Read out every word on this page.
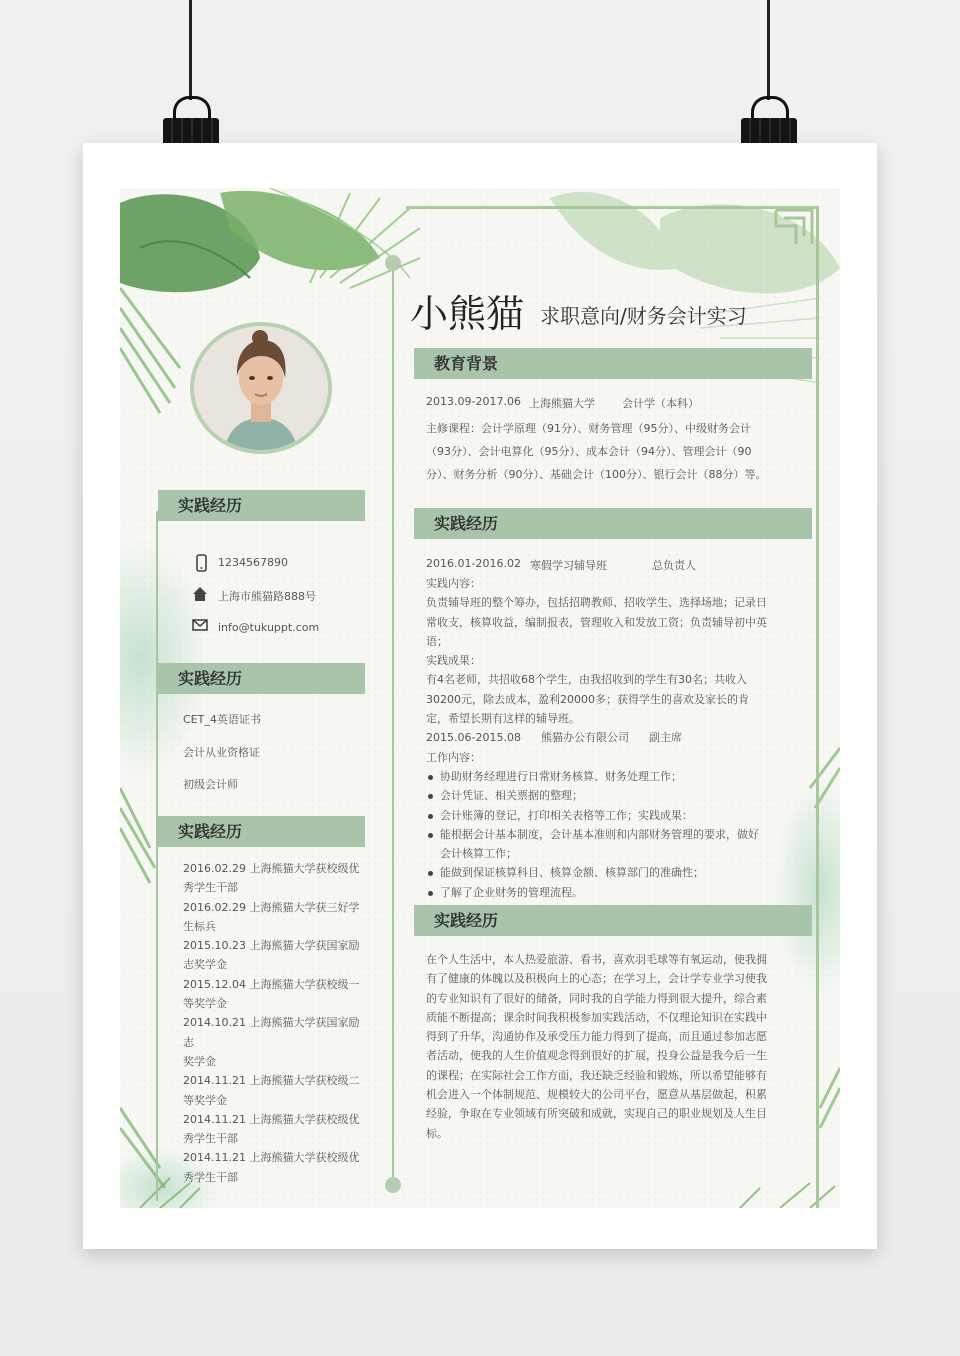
小熊猫 求职意向/财务会计实习
实践经历
1234567890
上海市熊猫路888号
info@tukuppt.com
实践经历
CET_4英语证书
会计从业资格证
初级会计师
实践经历
2016.02.29 上海熊猫大学获校级优
秀学生干部
2016.02.29 上海熊猫大学获三好学
生标兵
2015.10.23 上海熊猫大学获国家励
志奖学金
2015.12.04 上海熊猫大学获校级一
等奖学金
2014.10.21 上海熊猫大学获国家励志
奖学金
2014.11.21 上海熊猫大学获校级二
等奖学金
2014.11.21 上海熊猫大学获校级优
秀学生干部
2014.11.21 上海熊猫大学获校级优
秀学生干部
教育背景
2013.09-2017.06 上海熊猫大学 会计学（本科）
主修课程：会计学原理（91分）、财务管理（95分）、中级财务会计（93分）、会计电算化（95分）、成本会计（94分）、管理会计（90分）、财务分析（90分）、基础会计（100分）、银行会计（88分）等。
实践经历
2016.01-2016.02 寒假学习辅导班	总负责人
实践内容：
负责辅导班的整个筹办，包括招聘教师、招收学生、选择场地；记录日常收支，核算收益，编制报表，管理收入和发放工资；负责辅导初中英语；
实践成果：
有4名老师，共招收68个学生，由我招收到的学生有30名；共收入30200元，除去成本，盈利20000多；获得学生的喜欢及家长的肯定，希望长期有这样的辅导班。
2015.06-2015.08 熊猫办公有限公司 副主席
工作内容：
协助财务经理进行日常财务核算、财务处理工作；
会计凭证、相关票据的整理；
会计账簿的登记，打印相关表格等工作；实践成果：
能根据会计基本制度，会计基本准则和内部财务管理的要求，做好会计核算工作；
能做到保证核算科目、核算金额、核算部门的准确性；
了解了企业财务的管理流程。
实践经历
在个人生活中，本人热爱旅游、看书，喜欢羽毛球等有氧运动，使我拥有了健康的体魄以及积极向上的心态；在学习上，会计学专业学习使我的专业知识有了很好的储备，同时我的自学能力得到很大提升，综合素质能不断提高；课余时间我积极参加实践活动，不仅理论知识在实践中得到了升华，沟通协作及承受压力能力得到了提高，而且通过参加志愿者活动，使我的人生价值观念得到很好的扩展，投身公益是我今后一生的课程；在实际社会工作方面，我还缺乏经验和锻炼，所以希望能够有机会进入一个体制规范、规模较大的公司平台，愿意从基层做起，积累经验，争取在专业领域有所突破和成就，实现自己的职业规划及人生目标。
